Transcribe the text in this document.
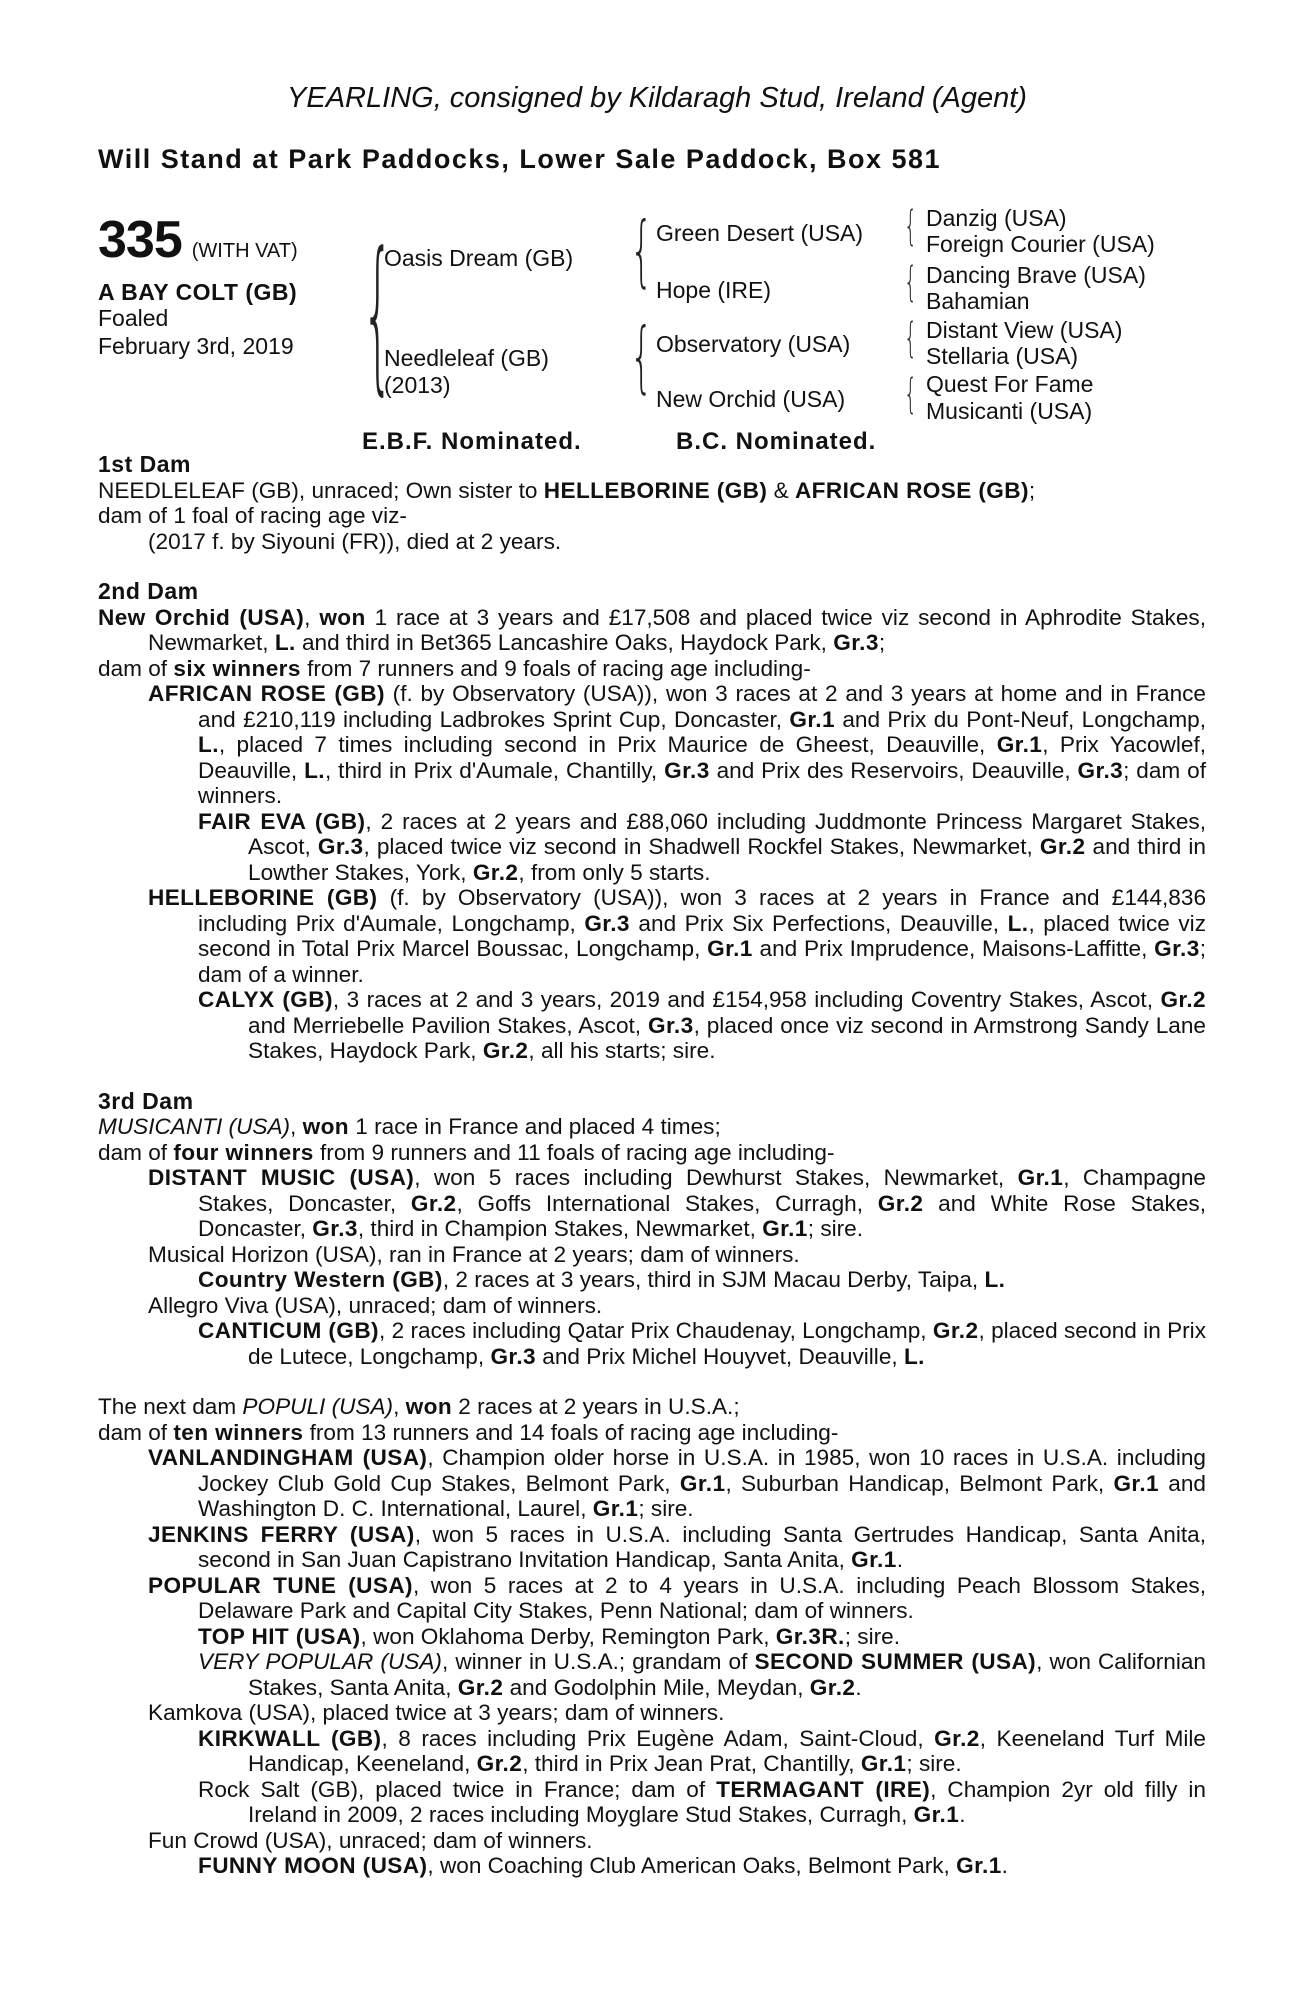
YEARLING, consigned by Kildaragh Stud, Ireland (Agent)
Will Stand at Park Paddocks, Lower Sale Paddock, Box 581
335 (WITH VAT)
A BAY COLT (GB)
Foaled
February 3rd, 2019 {	{
{
{
{
{
{
Oasis Dream (GB)
Needleleaf (GB)
(2013)
Green Desert (USA)
Hope (IRE)
Observatory (USA)
New Orchid (USA)
Danzig (USA)
Foreign Courier (USA)
Dancing Brave (USA)
Bahamian
Distant View (USA)
Stellaria (USA)
Quest For Fame
Musicanti (USA)
E.B.F. Nominated.	B.C. Nominated.

1st Dam

NEEDLELEAF (GB), unraced; Own sister to HELLEBORINE (GB) & AFRICAN ROSE (GB);

dam of 1 foal of racing age viz-

(2017 f. by Siyouni (FR)), died at 2 years.

2nd Dam

New Orchid (USA), won 1 race at 3 years and £17,508 and placed twice viz second in Aphrodite Stakes, Newmarket, L. and third in Bet365 Lancashire Oaks, Haydock Park, Gr.3;

dam of six winners from 7 runners and 9 foals of racing age including-

AFRICAN ROSE (GB) (f. by Observatory (USA)), won 3 races at 2 and 3 years at home and in France and £210,119 including Ladbrokes Sprint Cup, Doncaster, Gr.1 and Prix du Pont-Neuf, Longchamp, L., placed 7 times including second in Prix Maurice de Gheest, Deauville, Gr.1, Prix Yacowlef, Deauville, L., third in Prix d'Aumale, Chantilly, Gr.3 and Prix des Reservoirs, Deauville, Gr.3; dam of winners.

FAIR EVA (GB), 2 races at 2 years and £88,060 including Juddmonte Princess Margaret Stakes, Ascot, Gr.3, placed twice viz second in Shadwell Rockfel Stakes, Newmarket, Gr.2 and third in Lowther Stakes, York, Gr.2, from only 5 starts.

HELLEBORINE (GB) (f. by Observatory (USA)), won 3 races at 2 years in France and £144,836 including Prix d'Aumale, Longchamp, Gr.3 and Prix Six Perfections, Deauville, L., placed twice viz second in Total Prix Marcel Boussac, Longchamp, Gr.1 and Prix Imprudence, Maisons-Laffitte, Gr.3; dam of a winner.

CALYX (GB), 3 races at 2 and 3 years, 2019 and £154,958 including Coventry Stakes, Ascot, Gr.2 and Merriebelle Pavilion Stakes, Ascot, Gr.3, placed once viz second in Armstrong Sandy Lane Stakes, Haydock Park, Gr.2, all his starts; sire.

3rd Dam

MUSICANTI (USA), won 1 race in France and placed 4 times;

dam of four winners from 9 runners and 11 foals of racing age including-

DISTANT MUSIC (USA), won 5 races including Dewhurst Stakes, Newmarket, Gr.1, Champagne Stakes, Doncaster, Gr.2, Goffs International Stakes, Curragh, Gr.2 and White Rose Stakes, Doncaster, Gr.3, third in Champion Stakes, Newmarket, Gr.1; sire.

Musical Horizon (USA), ran in France at 2 years; dam of winners.

Country Western (GB), 2 races at 3 years, third in SJM Macau Derby, Taipa, L.

Allegro Viva (USA), unraced; dam of winners.

CANTICUM (GB), 2 races including Qatar Prix Chaudenay, Longchamp, Gr.2, placed second in Prix de Lutece, Longchamp, Gr.3 and Prix Michel Houyvet, Deauville, L.

The next dam POPULI (USA), won 2 races at 2 years in U.S.A.;

dam of ten winners from 13 runners and 14 foals of racing age including-

VANLANDINGHAM (USA), Champion older horse in U.S.A. in 1985, won 10 races in U.S.A. including Jockey Club Gold Cup Stakes, Belmont Park, Gr.1, Suburban Handicap, Belmont Park, Gr.1 and Washington D. C. International, Laurel, Gr.1; sire.

JENKINS FERRY (USA), won 5 races in U.S.A. including Santa Gertrudes Handicap, Santa Anita, second in San Juan Capistrano Invitation Handicap, Santa Anita, Gr.1.

POPULAR TUNE (USA), won 5 races at 2 to 4 years in U.S.A. including Peach Blossom Stakes, Delaware Park and Capital City Stakes, Penn National; dam of winners.

TOP HIT (USA), won Oklahoma Derby, Remington Park, Gr.3R.; sire.

VERY POPULAR (USA), winner in U.S.A.; grandam of SECOND SUMMER (USA), won Californian Stakes, Santa Anita, Gr.2 and Godolphin Mile, Meydan, Gr.2.

Kamkova (USA), placed twice at 3 years; dam of winners.

KIRKWALL (GB), 8 races including Prix Eugène Adam, Saint-Cloud, Gr.2, Keeneland Turf Mile Handicap, Keeneland, Gr.2, third in Prix Jean Prat, Chantilly, Gr.1; sire.

Rock Salt (GB), placed twice in France; dam of TERMAGANT (IRE), Champion 2yr old filly in Ireland in 2009, 2 races including Moyglare Stud Stakes, Curragh, Gr.1.

Fun Crowd (USA), unraced; dam of winners.

FUNNY MOON (USA), won Coaching Club American Oaks, Belmont Park, Gr.1.
